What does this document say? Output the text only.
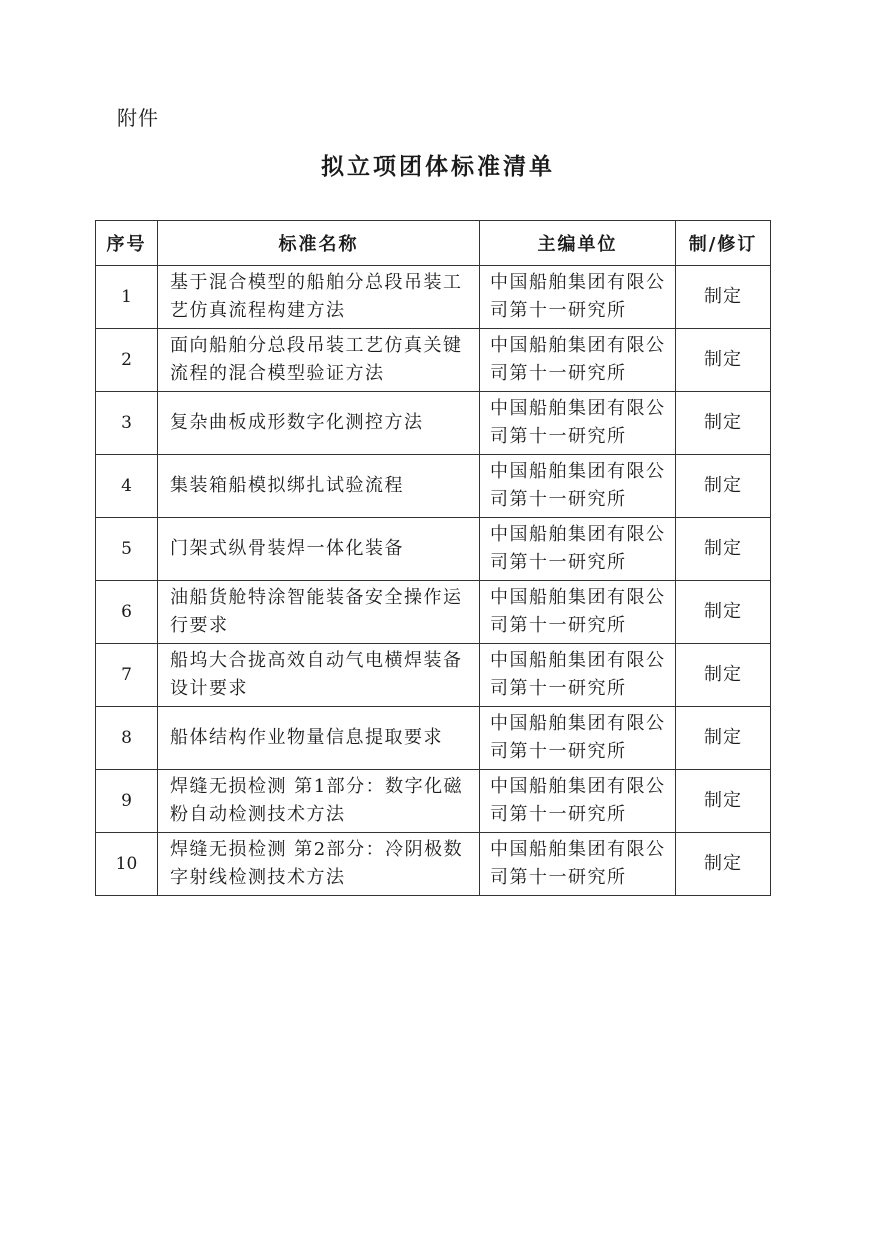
附件
拟立项团体标准清单
序号	标准名称	主编单位	制/修订
1	基于混合模型的船舶分总段吊装工艺仿真流程构建方法	中国船舶集团有限公司第十一研究所	制定
2	面向船舶分总段吊装工艺仿真关键流程的混合模型验证方法	中国船舶集团有限公司第十一研究所	制定
3	复杂曲板成形数字化测控方法	中国船舶集团有限公司第十一研究所	制定
4	集装箱船模拟绑扎试验流程	中国船舶集团有限公司第十一研究所	制定
5	门架式纵骨装焊一体化装备	中国船舶集团有限公司第十一研究所	制定
6	油船货舱特涂智能装备安全操作运行要求	中国船舶集团有限公司第十一研究所	制定
7	船坞大合拢高效自动气电横焊装备设计要求	中国船舶集团有限公司第十一研究所	制定
8	船体结构作业物量信息提取要求	中国船舶集团有限公司第十一研究所	制定
9	焊缝无损检测 第1部分：数字化磁粉自动检测技术方法	中国船舶集团有限公司第十一研究所	制定
10	焊缝无损检测 第2部分：冷阴极数字射线检测技术方法	中国船舶集团有限公司第十一研究所	制定
